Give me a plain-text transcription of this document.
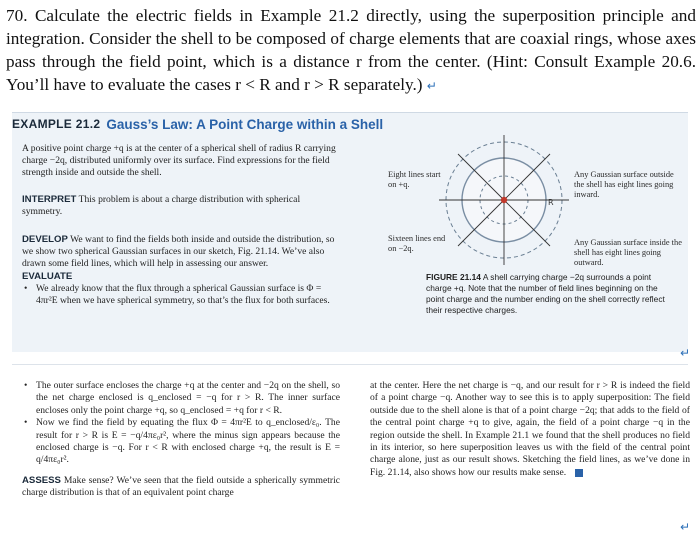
70. Calculate the electric fields in Example 21.2 directly, using the superposition principle and integration. Consider the shell to be composed of charge elements that are coaxial rings, whose axes pass through the field point, which is a distance r from the center. (Hint: Consult Example 20.6. You’ll have to evaluate the cases r < R and r > R separately.) ↵
EXAMPLE 21.2 Gauss’s Law: A Point Charge within a Shell
A positive point charge +q is at the center of a spherical shell of radius R carrying charge −2q, distributed uniformly over its surface. Find expressions for the field strength inside and outside the shell.
INTERPRET This problem is about a charge distribution with spherical symmetry.
DEVELOP We want to find the fields both inside and outside the distribution, so we show two spherical Gaussian surfaces in our sketch, Fig. 21.14. We’ve also drawn some field lines, which will help in assessing our answer.
EVALUATE
• We already know that the flux through a spherical Gaussian surface is Φ = 4πr²E when we have spherical symmetry, so that’s the flux for both surfaces.
R
Eight lines start on +q.
Sixteen lines end on −2q.
Any Gaussian surface outside the shell has eight lines going inward.
Any Gaussian surface inside the shell has eight lines going outward.
FIGURE 21.14 A shell carrying charge −2q surrounds a point charge +q. Note that the number of field lines beginning on the point charge and the number ending on the shell correctly reflect their respective charges.
↵
• The outer surface encloses the charge +q at the center and −2q on the shell, so the net charge enclosed is q_enclosed = −q for r > R. The inner surface encloses only the point charge +q, so q_enclosed = +q for r < R.
• Now we find the field by equating the flux Φ = 4πr²E to q_enclosed/ε₀. The result for r > R is E = −q/4πε₀r², where the minus sign appears because the enclosed charge is −q. For r < R with enclosed charge +q, the result is E = q/4πε₀r².
ASSESS Make sense? We’ve seen that the field outside a spherically symmetric charge distribution is that of an equivalent point charge
at the center. Here the net charge is −q, and our result for r > R is indeed the field of a point charge −q. Another way to see this is to apply superposition: The field outside due to the shell alone is that of a point charge −2q; that adds to the field of the central point charge +q to give, again, the field of a point charge −q in the region outside the shell. In Example 21.1 we found that the shell produces no field in its interior, so here superposition leaves us with the field of the central point charge alone, just as our result shows. Sketching the field lines, as we’ve done in Fig. 21.14, also shows how our results make sense.
↵
